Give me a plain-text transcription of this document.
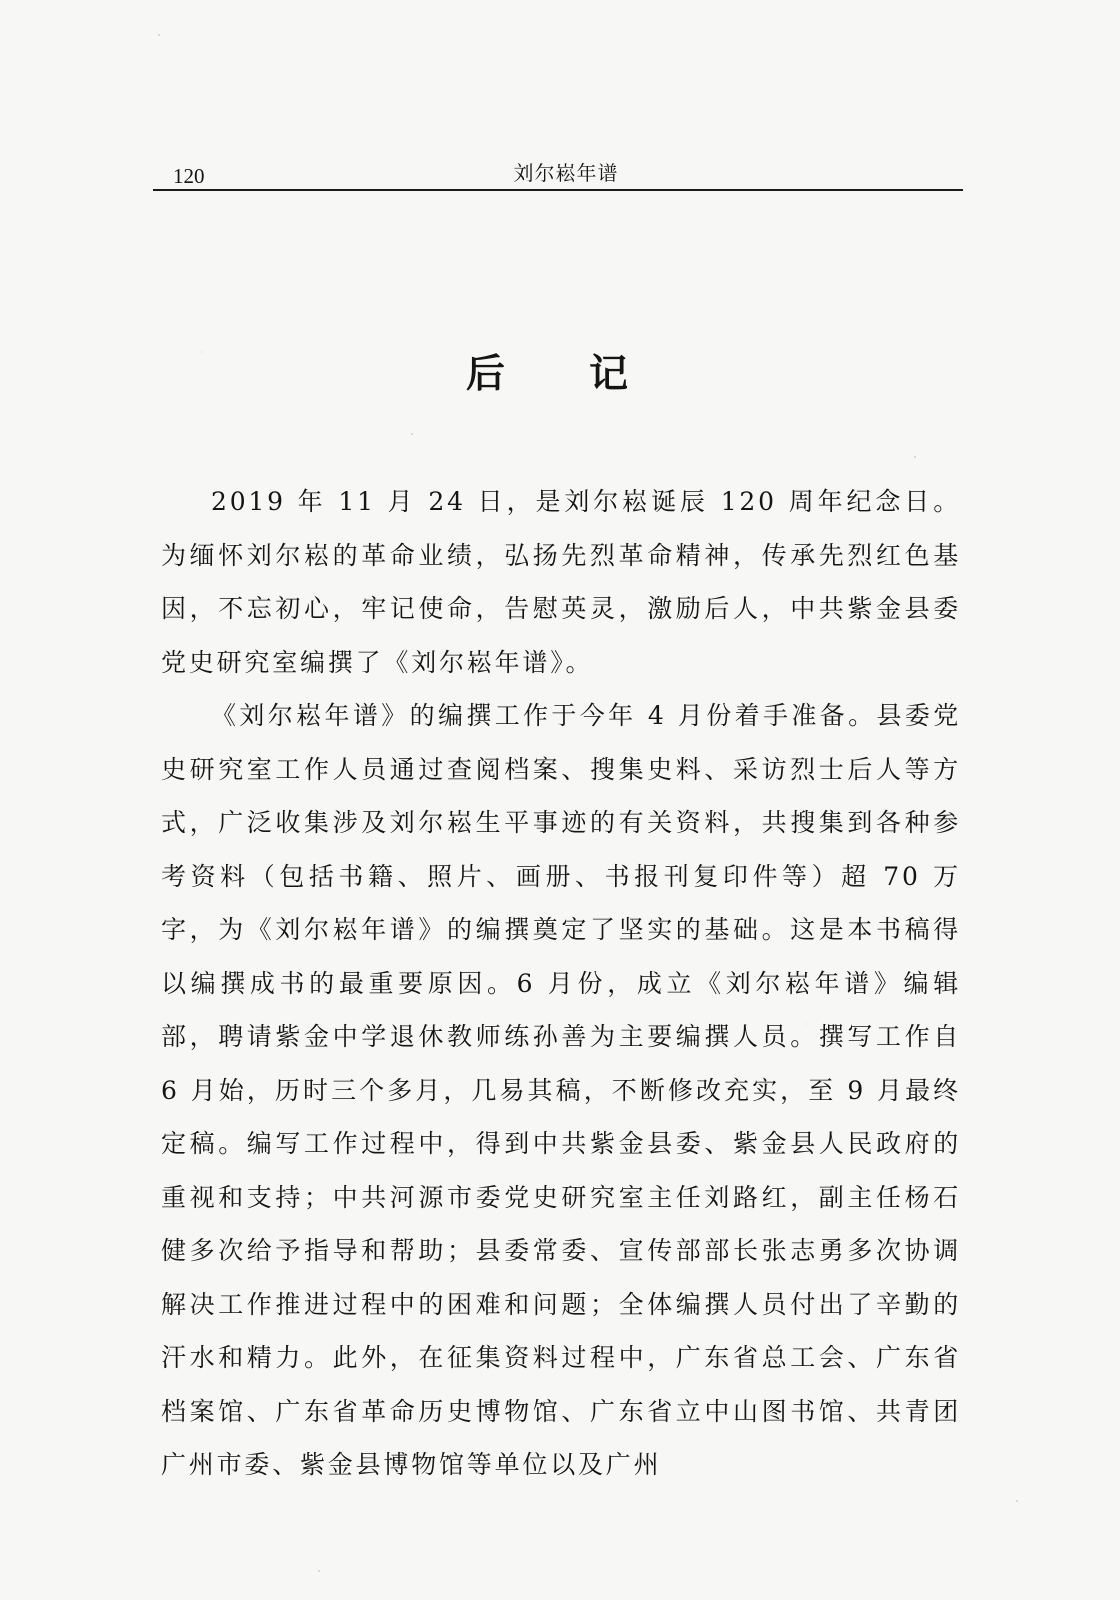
120	刘尔崧年谱
后记

2019 年 11 月 24 日，是刘尔崧诞辰 120 周年纪念日。为缅怀刘尔崧的革命业绩，弘扬先烈革命精神，传承先烈红色基因，不忘初心，牢记使命，告慰英灵，激励后人，中共紫金县委党史研究室编撰了《刘尔崧年谱》。

《刘尔崧年谱》的编撰工作于今年 4 月份着手准备。县委党史研究室工作人员通过查阅档案、搜集史料、采访烈士后人等方式，广泛收集涉及刘尔崧生平事迹的有关资料，共搜集到各种参考资料（包括书籍、照片、画册、书报刊复印件等）超 70 万字，为《刘尔崧年谱》的编撰奠定了坚实的基础。这是本书稿得以编撰成书的最重要原因。6 月份，成立《刘尔崧年谱》编辑部，聘请紫金中学退休教师练孙善为主要编撰人员。撰写工作自 6 月始，历时三个多月，几易其稿，不断修改充实，至 9 月最终定稿。编写工作过程中，得到中共紫金县委、紫金县人民政府的重视和支持；中共河源市委党史研究室主任刘路红，副主任杨石健多次给予指导和帮助；县委常委、宣传部部长张志勇多次协调解决工作推进过程中的困难和问题；全体编撰人员付出了辛勤的汗水和精力。此外，在征集资料过程中，广东省总工会、广东省档案馆、广东省革命历史博物馆、广东省立中山图书馆、共青团广州市委、紫金县博物馆等单位以及广州
